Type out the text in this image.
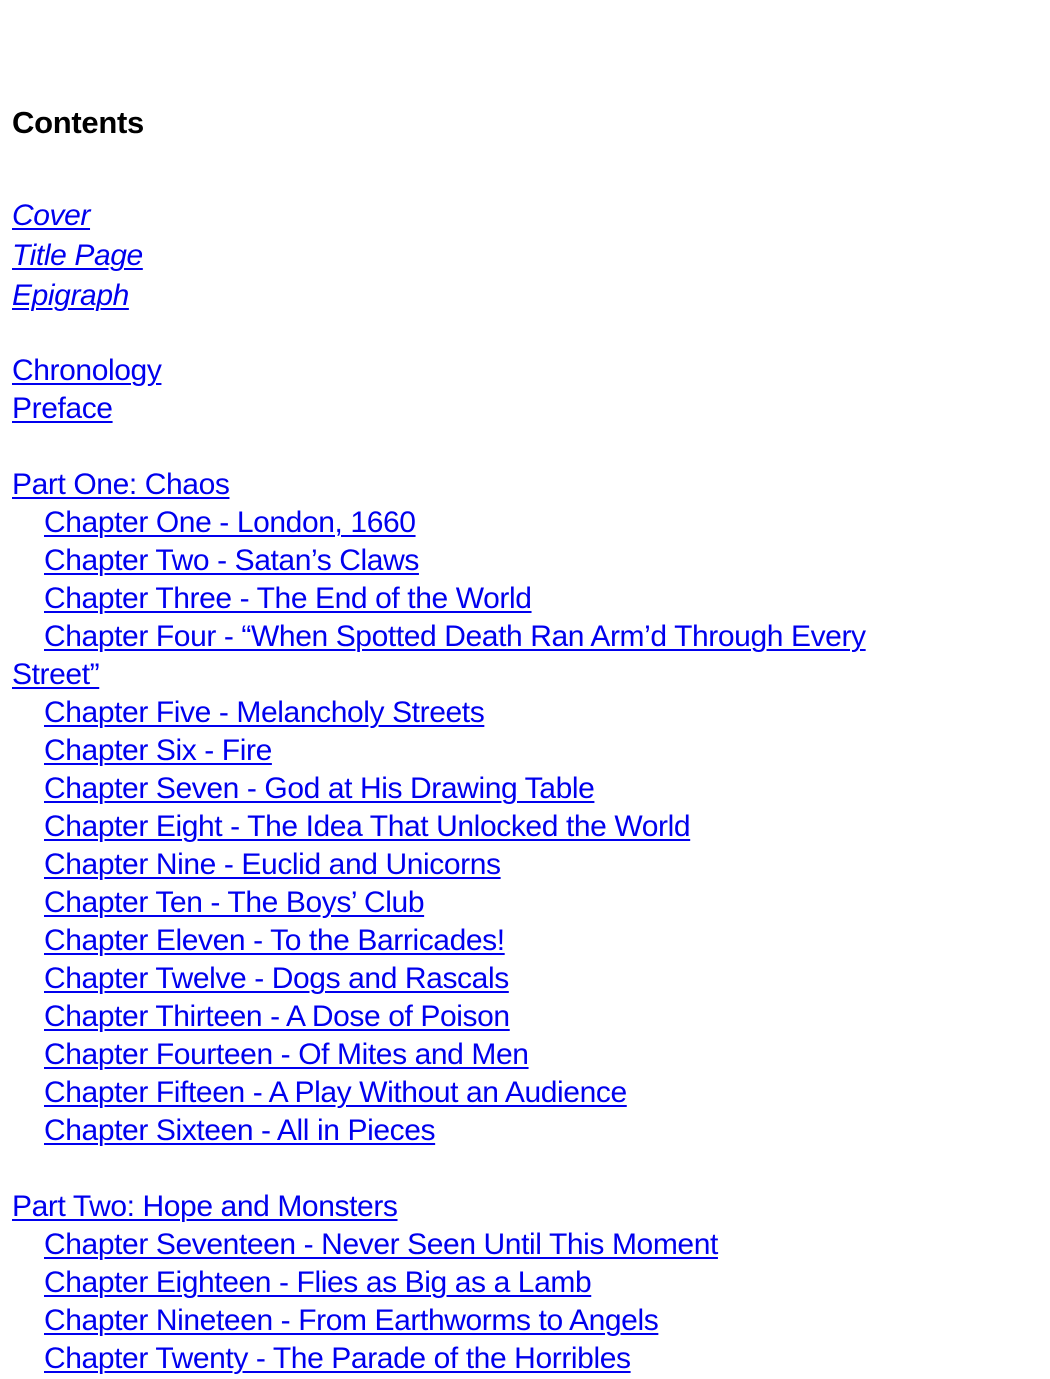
Contents
Cover
Title Page
Epigraph
Chronology
Preface
Part One: Chaos
Chapter One - London, 1660
Chapter Two - Satan’s Claws
Chapter Three - The End of the World
Chapter Four - “When Spotted Death Ran Arm’d Through Every Street”
Chapter Five - Melancholy Streets
Chapter Six - Fire
Chapter Seven - God at His Drawing Table
Chapter Eight - The Idea That Unlocked the World
Chapter Nine - Euclid and Unicorns
Chapter Ten - The Boys’ Club
Chapter Eleven - To the Barricades!
Chapter Twelve - Dogs and Rascals
Chapter Thirteen - A Dose of Poison
Chapter Fourteen - Of Mites and Men
Chapter Fifteen - A Play Without an Audience
Chapter Sixteen - All in Pieces
Part Two: Hope and Monsters
Chapter Seventeen - Never Seen Until This Moment
Chapter Eighteen - Flies as Big as a Lamb
Chapter Nineteen - From Earthworms to Angels
Chapter Twenty - The Parade of the Horribles
